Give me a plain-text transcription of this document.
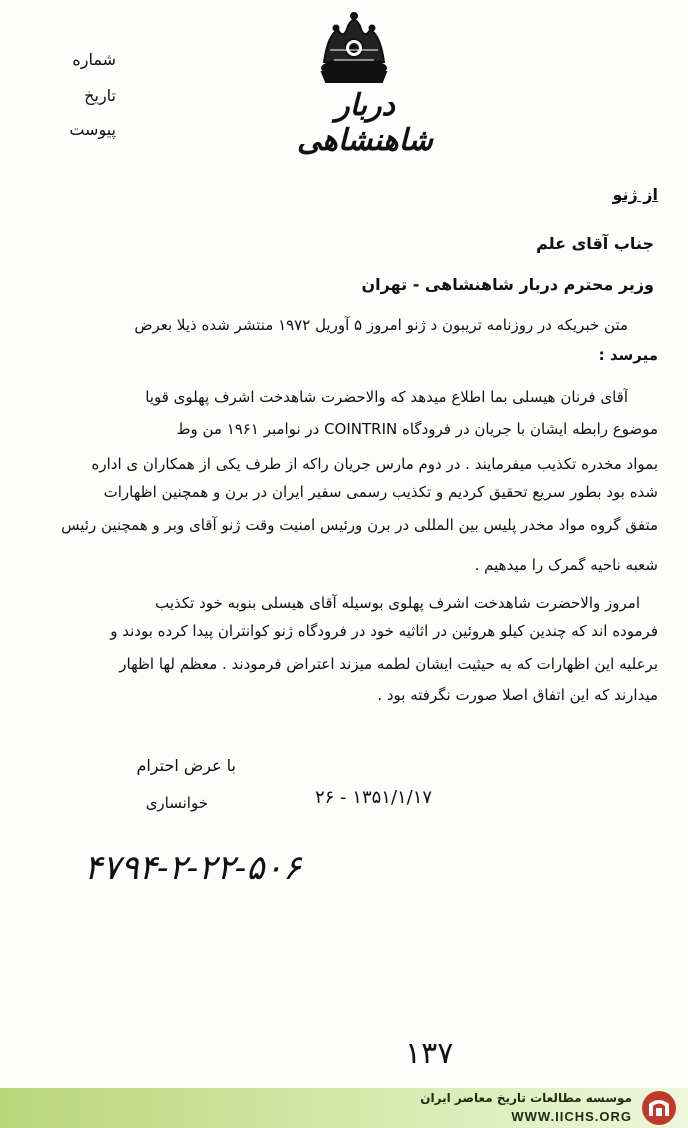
دربار شاهنشاهی
شماره
تاریخ
پیوست
از ژنو
جناب آقای علم
وزیر محترم دربار شاهنشاهی - تهران
متن خبریکه در روزنامه تریبون د ژنو امروز ۵ آوریل ۱۹۷۲ منتشر شده ذیلا بعرض
میرسد :
آقای فرنان هیسلی بما اطلاع میدهد که والاحضرت شاهدخت اشرف پهلوی قویا
موضوع رابطه ایشان با جریان در فرودگاه COINTRIN در نوامبر ۱۹۶۱ من وط
بمواد مخدره تکذیب میفرمایند . در دوم مارس جریان راکه از طرف یکی از همکاران ی اداره
شده بود بطور سریع تحقیق کردیم و تکذیب رسمی سفیر ایران در برن و همچنین اظهارات
متفق گروه مواد مخدر پلیس بین المللی در برن ورئیس امنیت وقت ژنو آقای وبر و همچنین رئیس
شعبه ناحیه گمرک را میدهیم .
امروز والاحضرت شاهدخت اشرف پهلوی بوسیله آقای هیسلی بنوبه خود تکذیب
فرموده اند که چندین کیلو هروئین در اثاثیه خود در فرودگاه ژنو کوانتران پیدا کرده بودند و
برعلیه این اظهارات که به حیثیت ایشان لطمه میزند اعتراض فرمودند . معظم لها اظهار
میدارند که این اتفاق اصلا صورت نگرفته بود .
با عرض احترام
خوانساری	۲۶ - ۱۳۵۱/۱/۱۷
۴۷۹۴-۲-۲۲-۵۰۶
۱۳۷
موسسه مطالعات تاریخ معاصر ایران
WWW.IICHS.ORG
